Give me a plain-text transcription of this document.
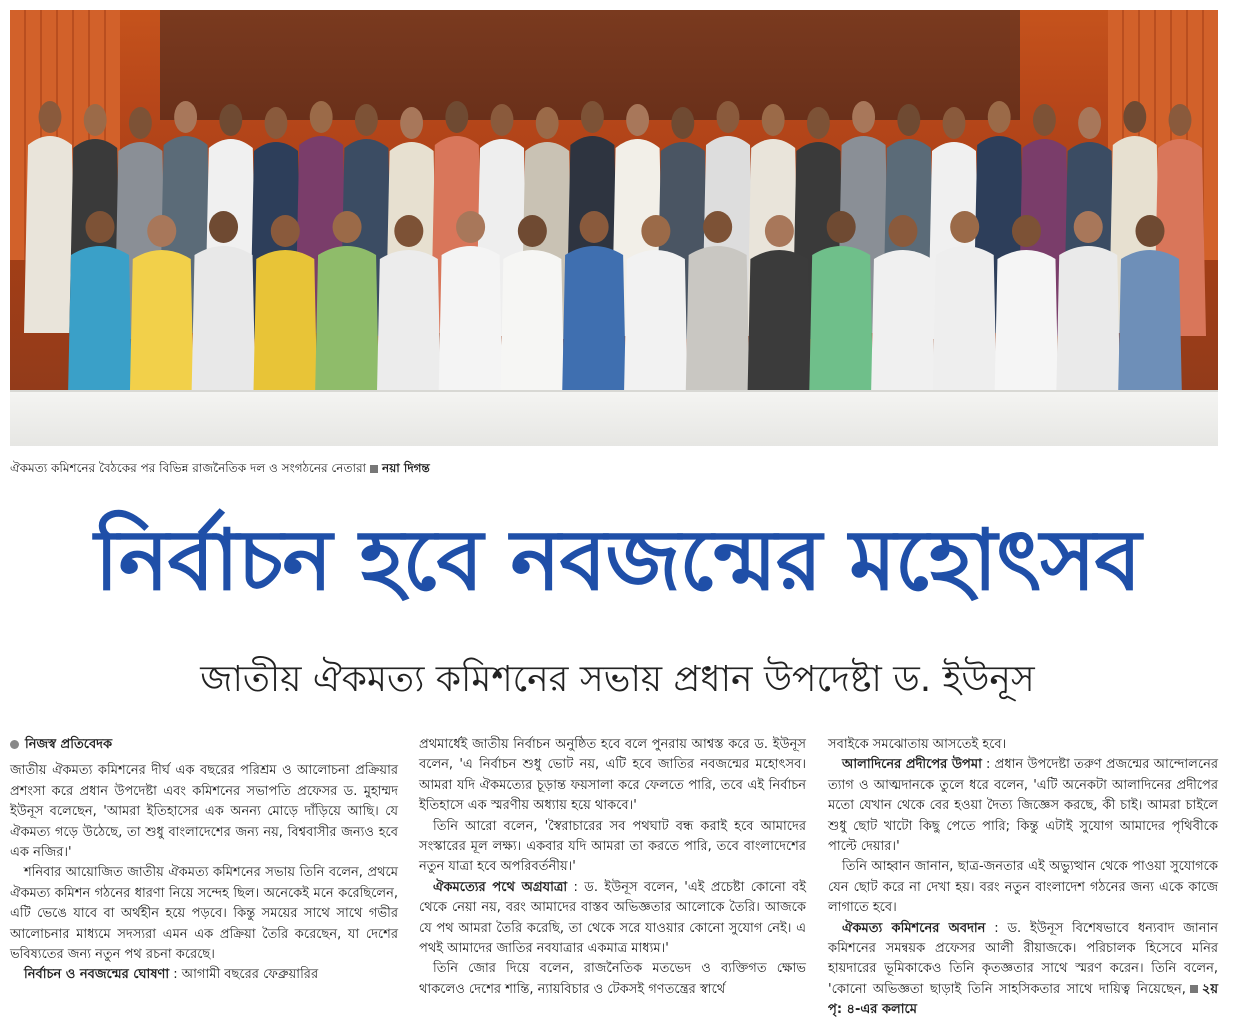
ঐকমত্য কমিশনের বৈঠকের পর বিভিন্ন রাজনৈতিক দল ও সংগঠনের নেতারা নয়া দিগন্ত
নির্বাচন হবে নবজন্মের মহোৎসব
জাতীয় ঐকমত্য কমিশনের সভায় প্রধান উপদেষ্টা ড. ইউনূস

নিজস্ব প্রতিবেদক

জাতীয় ঐকমত্য কমিশনের দীর্ঘ এক বছরের পরিশ্রম ও আলোচনা প্রক্রিয়ার প্রশংসা করে প্রধান উপদেষ্টা এবং কমিশনের সভাপতি প্রফেসর ড. মুহাম্মদ ইউনূস বলেছেন, 'আমরা ইতিহাসের এক অনন্য মোড়ে দাঁড়িয়ে আছি। যে ঐকমত্য গড়ে উঠেছে, তা শুধু বাংলাদেশের জন্য নয়, বিশ্ববাসীর জন্যও হবে এক নজির।'

শনিবার আয়োজিত জাতীয় ঐকমত্য কমিশনের সভায় তিনি বলেন, প্রথমে ঐকমত্য কমিশন গঠনের ধারণা নিয়ে সন্দেহ ছিল। অনেকেই মনে করেছিলেন, এটি ভেঙে যাবে বা অর্থহীন হয়ে পড়বে। কিন্তু সময়ের সাথে সাথে গভীর আলোচনার মাধ্যমে সদস্যরা এমন এক প্রক্রিয়া তৈরি করেছেন, যা দেশের ভবিষ্যতের জন্য নতুন পথ রচনা করেছে।

নির্বাচন ও নবজন্মের ঘোষণা : আগামী বছরের ফেব্রুয়ারির

প্রথমার্ধেই জাতীয় নির্বাচন অনুষ্ঠিত হবে বলে পুনরায় আশ্বস্ত করে ড. ইউনূস বলেন, 'এ নির্বাচন শুধু ভোট নয়, এটি হবে জাতির নবজন্মের মহোৎসব। আমরা যদি ঐকমত্যের চূড়ান্ত ফয়সালা করে ফেলতে পারি, তবে এই নির্বাচন ইতিহাসে এক স্মরণীয় অধ্যায় হয়ে থাকবে।'

তিনি আরো বলেন, 'স্বৈরাচারের সব পথঘাট বন্ধ করাই হবে আমাদের সংস্কারের মূল লক্ষ্য। একবার যদি আমরা তা করতে পারি, তবে বাংলাদেশের নতুন যাত্রা হবে অপরিবর্তনীয়।'

ঐকমত্যের পথে অগ্রযাত্রা : ড. ইউনূস বলেন, 'এই প্রচেষ্টা কোনো বই থেকে নেয়া নয়, বরং আমাদের বাস্তব অভিজ্ঞতার আলোকে তৈরি। আজকে যে পথ আমরা তৈরি করেছি, তা থেকে সরে যাওয়ার কোনো সুযোগ নেই। এ পথই আমাদের জাতির নবযাত্রার একমাত্র মাধ্যম।'

তিনি জোর দিয়ে বলেন, রাজনৈতিক মতভেদ ও ব্যক্তিগত ক্ষোভ থাকলেও দেশের শান্তি, ন্যায়বিচার ও টেকসই গণতন্ত্রের স্বার্থে

সবাইকে সমঝোতায় আসতেই হবে।

আলাদিনের প্রদীপের উপমা : প্রধান উপদেষ্টা তরুণ প্রজন্মের আন্দোলনের ত্যাগ ও আত্মদানকে তুলে ধরে বলেন, 'এটি অনেকটা আলাদিনের প্রদীপের মতো যেখান থেকে বের হওয়া দৈত্য জিজ্ঞেস করছে, কী চাই। আমরা চাইলে শুধু ছোট খাটো কিছু পেতে পারি; কিন্তু এটাই সুযোগ আমাদের পৃথিবীকে পাল্টে দেয়ার।'

তিনি আহ্বান জানান, ছাত্র-জনতার এই অভ্যুত্থান থেকে পাওয়া সুযোগকে যেন ছোট করে না দেখা হয়। বরং নতুন বাংলাদেশ গঠনের জন্য একে কাজে লাগাতে হবে।

ঐকমত্য কমিশনের অবদান : ড. ইউনূস বিশেষভাবে ধন্যবাদ জানান কমিশনের সমন্বয়ক প্রফেসর আলী রীয়াজকে। পরিচালক হিসেবে মনির হায়দারের ভূমিকাকেও তিনি কৃতজ্ঞতার সাথে স্মরণ করেন। তিনি বলেন, 'কোনো অভিজ্ঞতা ছাড়াই তিনি সাহসিকতার সাথে দায়িত্ব নিয়েছেন, ২য় পৃ: ৪-এর কলামে
